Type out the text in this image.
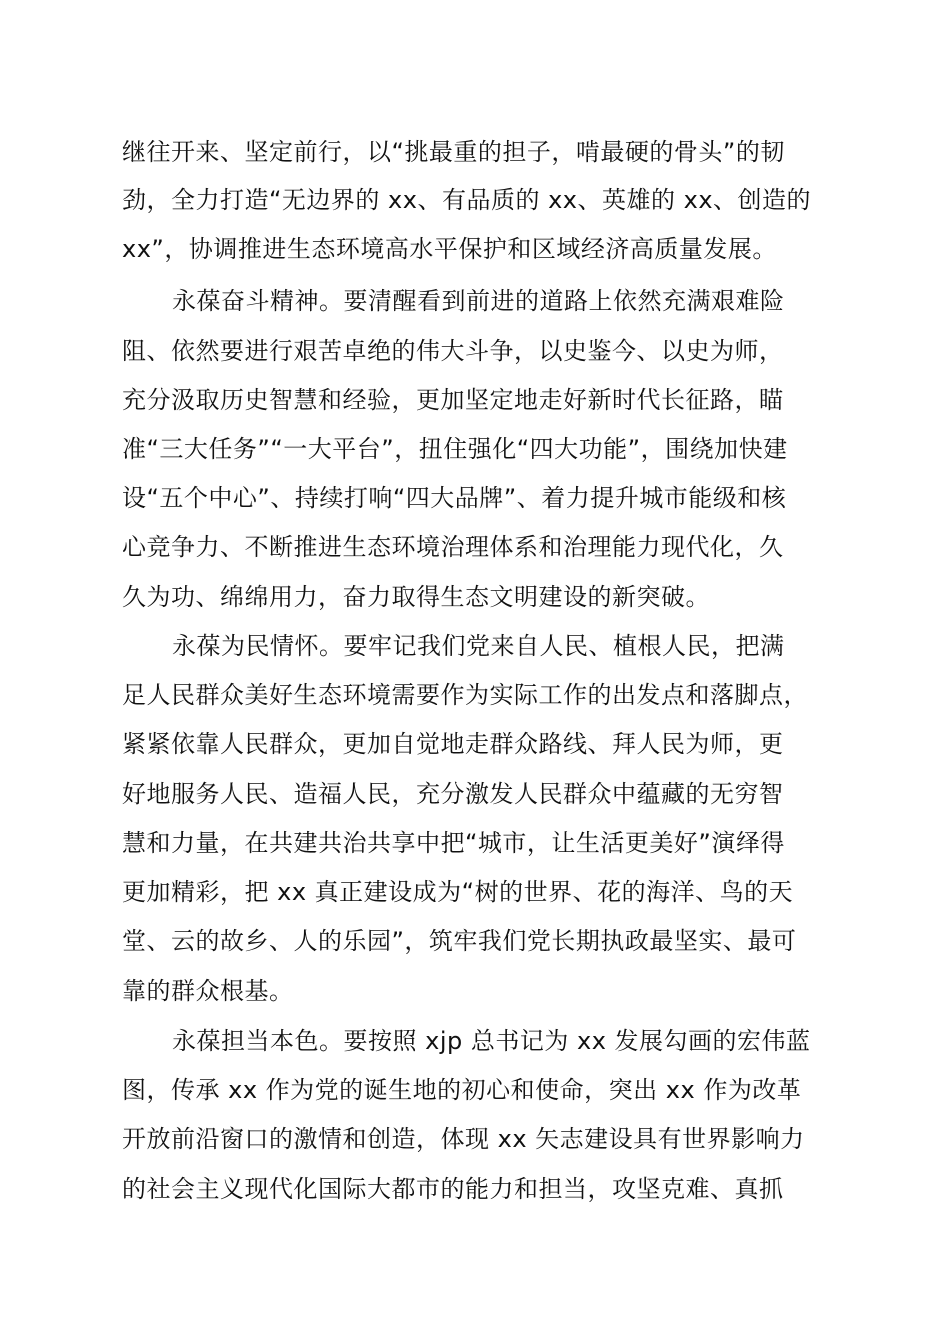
继往开来、坚定前行，以“挑最重的担子，啃最硬的骨头”的韧
劲，全力打造“无边界的 xx、有品质的 xx、英雄的 xx、创造的
xx”，协调推进生态环境高水平保护和区域经济高质量发展。
永葆奋斗精神。要清醒看到前进的道路上依然充满艰难险
阻、依然要进行艰苦卓绝的伟大斗争，以史鉴今、以史为师，
充分汲取历史智慧和经验，更加坚定地走好新时代长征路，瞄
准“三大任务”“一大平台”，扭住强化“四大功能”，围绕加快建
设“五个中心”、持续打响“四大品牌”、着力提升城市能级和核
心竞争力、不断推进生态环境治理体系和治理能力现代化，久
久为功、绵绵用力，奋力取得生态文明建设的新突破。
永葆为民情怀。要牢记我们党来自人民、植根人民，把满
足人民群众美好生态环境需要作为实际工作的出发点和落脚点，
紧紧依靠人民群众，更加自觉地走群众路线、拜人民为师，更
好地服务人民、造福人民，充分激发人民群众中蕴藏的无穷智
慧和力量，在共建共治共享中把“城市，让生活更美好”演绎得
更加精彩，把 xx 真正建设成为“树的世界、花的海洋、鸟的天
堂、云的故乡、人的乐园”，筑牢我们党长期执政最坚实、最可
靠的群众根基。
永葆担当本色。要按照 xjp 总书记为 xx 发展勾画的宏伟蓝
图，传承 xx 作为党的诞生地的初心和使命，突出 xx 作为改革
开放前沿窗口的激情和创造，体现 xx 矢志建设具有世界影响力
的社会主义现代化国际大都市的能力和担当，攻坚克难、真抓
